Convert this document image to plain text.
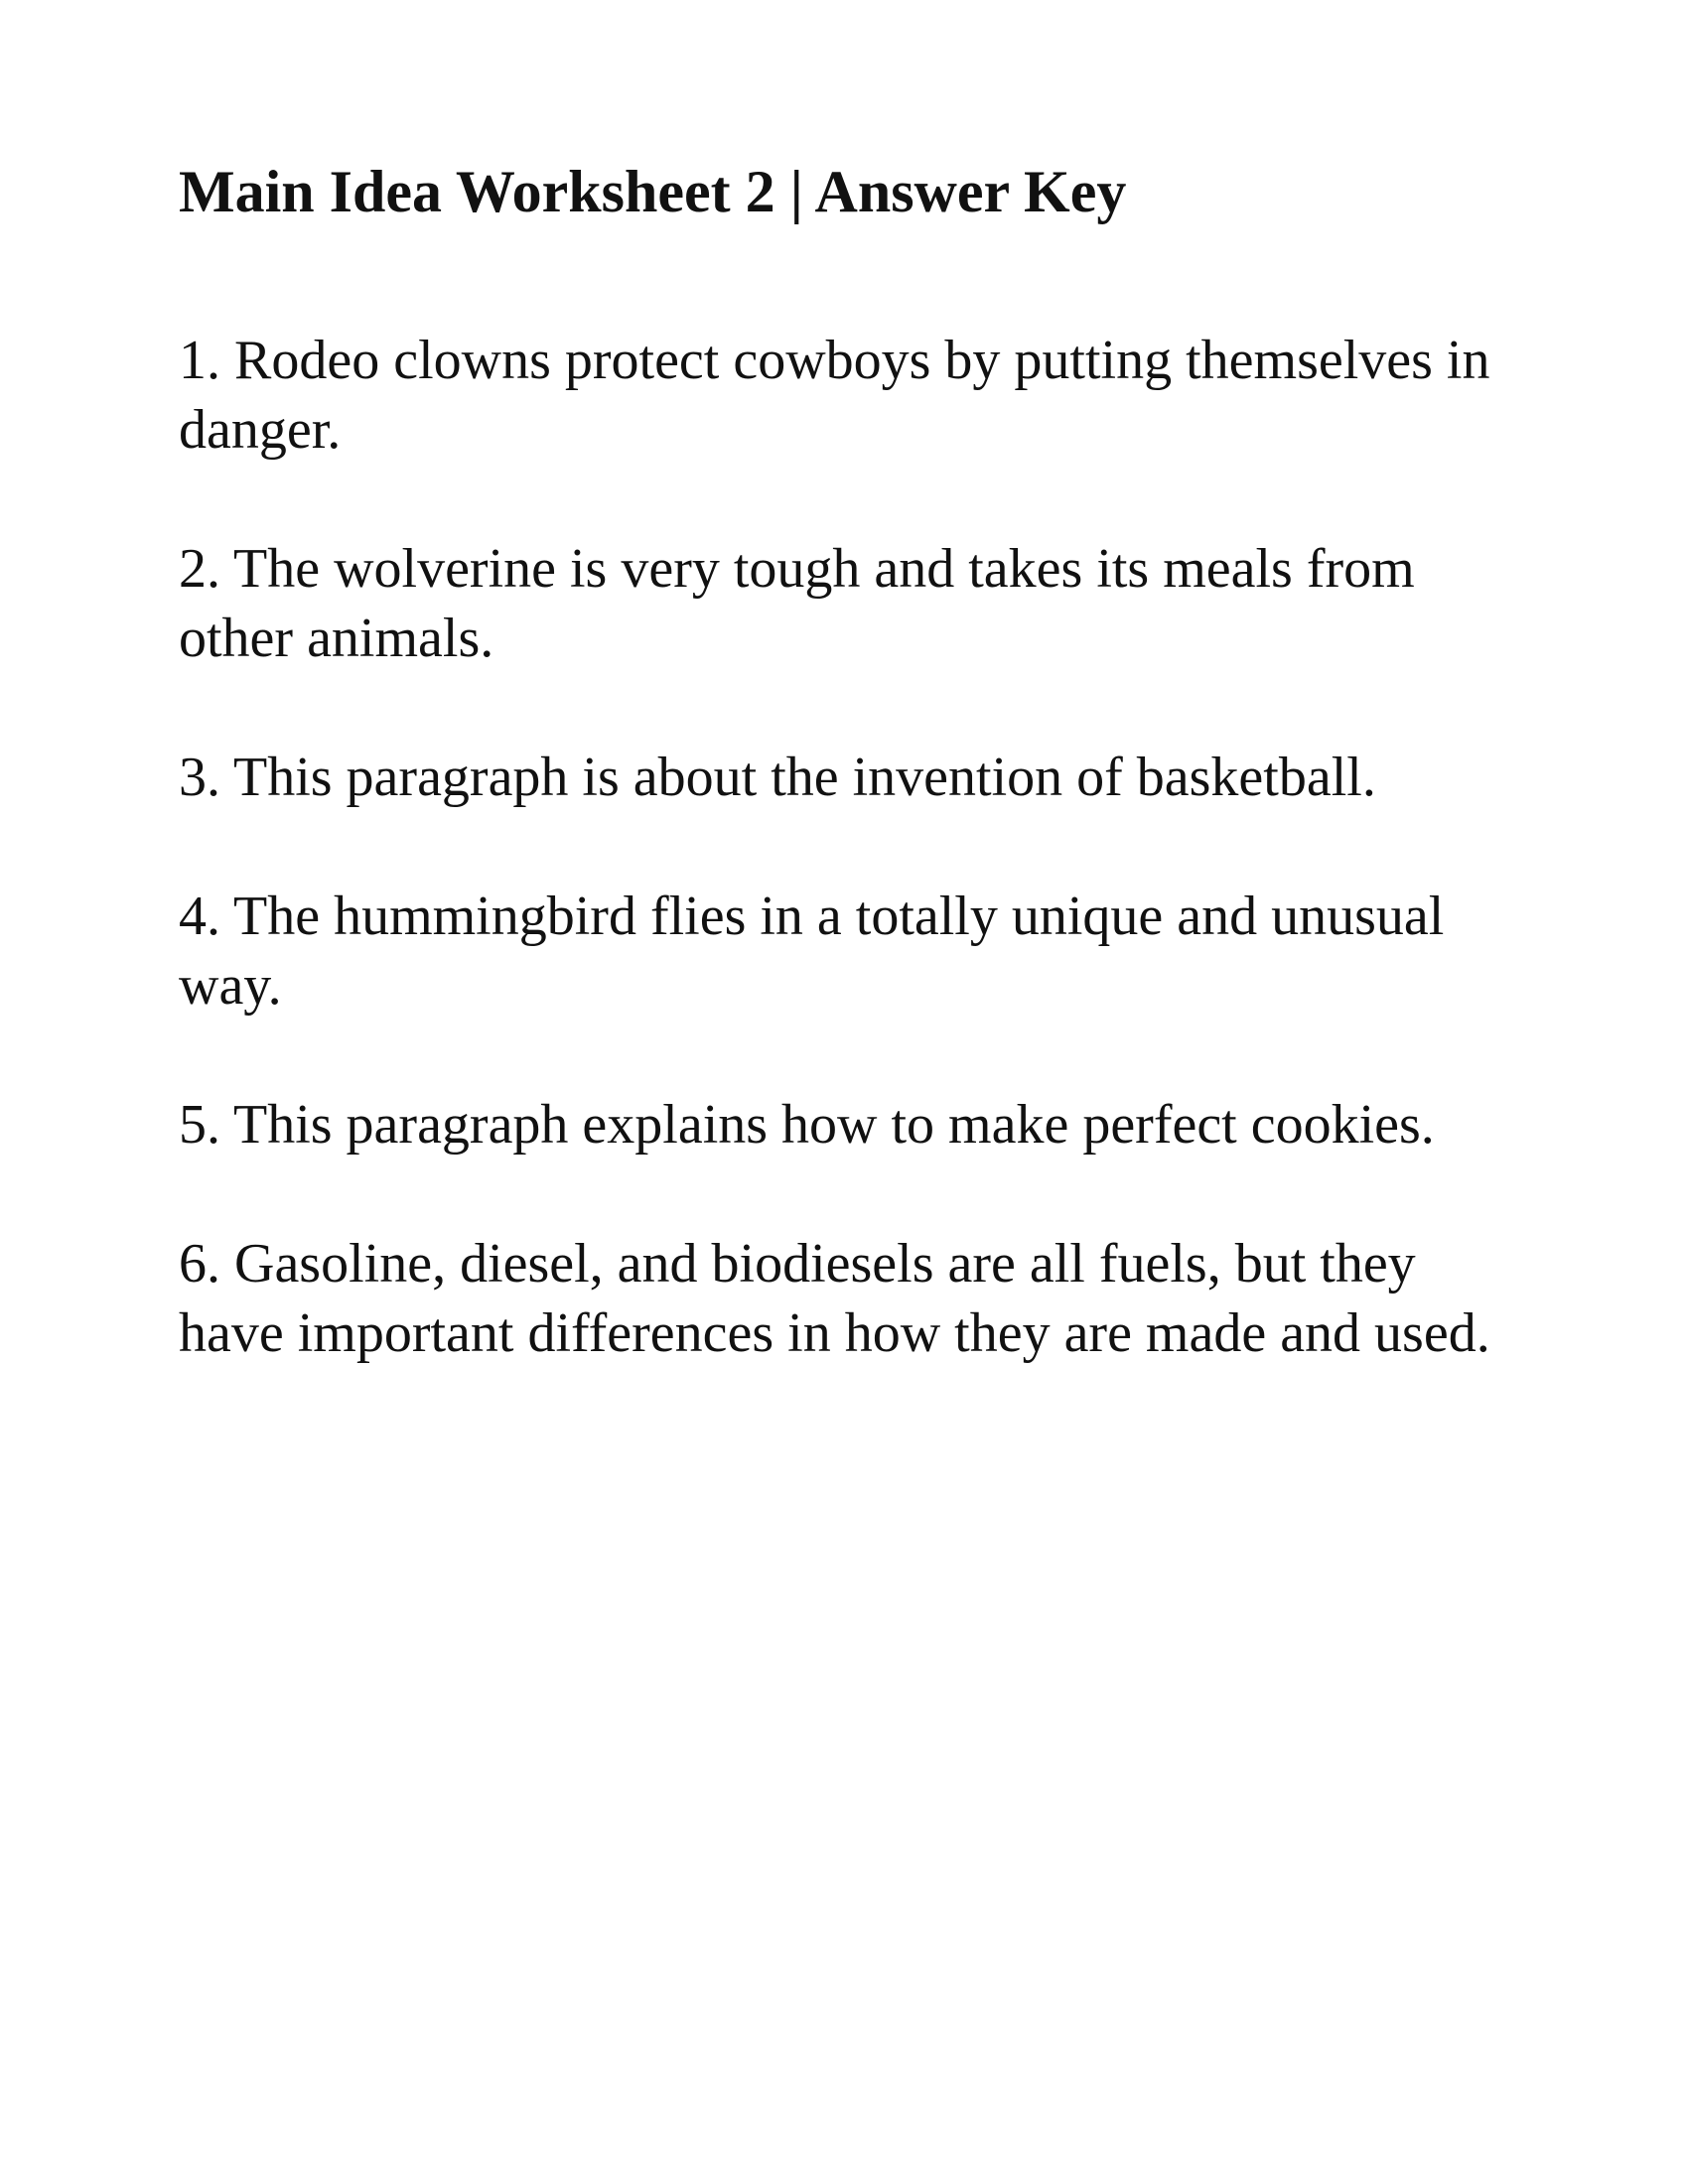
Main Idea Worksheet 2 | Answer Key
1. Rodeo clowns protect cowboys by putting themselves in danger.
2. The wolverine is very tough and takes its meals from other animals.
3. This paragraph is about the invention of basketball.
4. The hummingbird flies in a totally unique and unusual way.
5. This paragraph explains how to make perfect cookies.
6. Gasoline, diesel, and biodiesels are all fuels, but they have important differences in how they are made and used.
